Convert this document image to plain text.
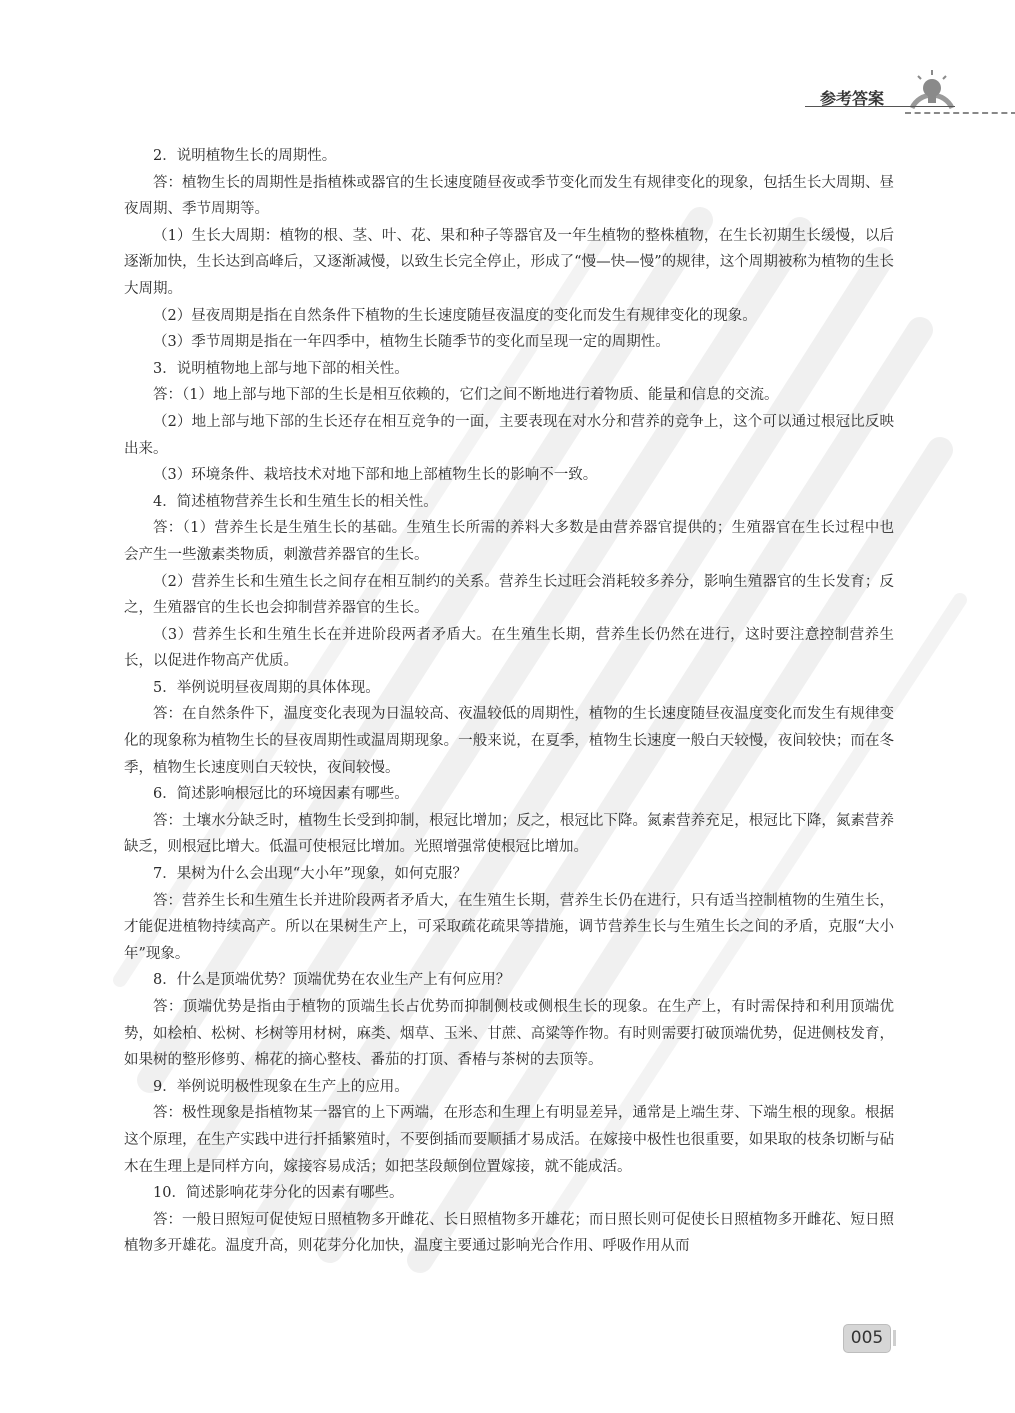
参考答案

2．说明植物生长的周期性。

答：植物生长的周期性是指植株或器官的生长速度随昼夜或季节变化而发生有规律变化的现象，包括生长大周期、昼夜周期、季节周期等。

（1）生长大周期：植物的根、茎、叶、花、果和种子等器官及一年生植物的整株植物，在生长初期生长缓慢，以后逐渐加快，生长达到高峰后，又逐渐减慢，以致生长完全停止，形成了“慢—快—慢”的规律，这个周期被称为植物的生长大周期。

（2）昼夜周期是指在自然条件下植物的生长速度随昼夜温度的变化而发生有规律变化的现象。

（3）季节周期是指在一年四季中，植物生长随季节的变化而呈现一定的周期性。

3．说明植物地上部与地下部的相关性。

答：（1）地上部与地下部的生长是相互依赖的，它们之间不断地进行着物质、能量和信息的交流。

（2）地上部与地下部的生长还存在相互竞争的一面，主要表现在对水分和营养的竞争上，这个可以通过根冠比反映出来。

（3）环境条件、栽培技术对地下部和地上部植物生长的影响不一致。

4．简述植物营养生长和生殖生长的相关性。

答：（1）营养生长是生殖生长的基础。生殖生长所需的养料大多数是由营养器官提供的；生殖器官在生长过程中也会产生一些激素类物质，刺激营养器官的生长。

（2）营养生长和生殖生长之间存在相互制约的关系。营养生长过旺会消耗较多养分，影响生殖器官的生长发育；反之，生殖器官的生长也会抑制营养器官的生长。

（3）营养生长和生殖生长在并进阶段两者矛盾大。在生殖生长期，营养生长仍然在进行，这时要注意控制营养生长，以促进作物高产优质。

5．举例说明昼夜周期的具体体现。

答：在自然条件下，温度变化表现为日温较高、夜温较低的周期性，植物的生长速度随昼夜温度变化而发生有规律变化的现象称为植物生长的昼夜周期性或温周期现象。一般来说，在夏季，植物生长速度一般白天较慢，夜间较快；而在冬季，植物生长速度则白天较快，夜间较慢。

6．简述影响根冠比的环境因素有哪些。

答：土壤水分缺乏时，植物生长受到抑制，根冠比增加；反之，根冠比下降。氮素营养充足，根冠比下降，氮素营养缺乏，则根冠比增大。低温可使根冠比增加。光照增强常使根冠比增加。

7．果树为什么会出现“大小年”现象，如何克服？

答：营养生长和生殖生长并进阶段两者矛盾大，在生殖生长期，营养生长仍在进行，只有适当控制植物的生殖生长，才能促进植物持续高产。所以在果树生产上，可采取疏花疏果等措施，调节营养生长与生殖生长之间的矛盾，克服“大小年”现象。

8．什么是顶端优势？顶端优势在农业生产上有何应用？

答：顶端优势是指由于植物的顶端生长占优势而抑制侧枝或侧根生长的现象。在生产上，有时需保持和利用顶端优势，如桧柏、松树、杉树等用材树，麻类、烟草、玉米、甘蔗、高粱等作物。有时则需要打破顶端优势，促进侧枝发育，如果树的整形修剪、棉花的摘心整枝、番茄的打顶、香椿与茶树的去顶等。

9．举例说明极性现象在生产上的应用。

答：极性现象是指植物某一器官的上下两端，在形态和生理上有明显差异，通常是上端生芽、下端生根的现象。根据这个原理，在生产实践中进行扦插繁殖时，不要倒插而要顺插才易成活。在嫁接中极性也很重要，如果取的枝条切断与砧木在生理上是同样方向，嫁接容易成活；如把茎段颠倒位置嫁接，就不能成活。

10．简述影响花芽分化的因素有哪些。

答：一般日照短可促使短日照植物多开雌花、长日照植物多开雄花；而日照长则可促使长日照植物多开雌花、短日照植物多开雄花。温度升高，则花芽分化加快，温度主要通过影响光合作用、呼吸作用从而

005
